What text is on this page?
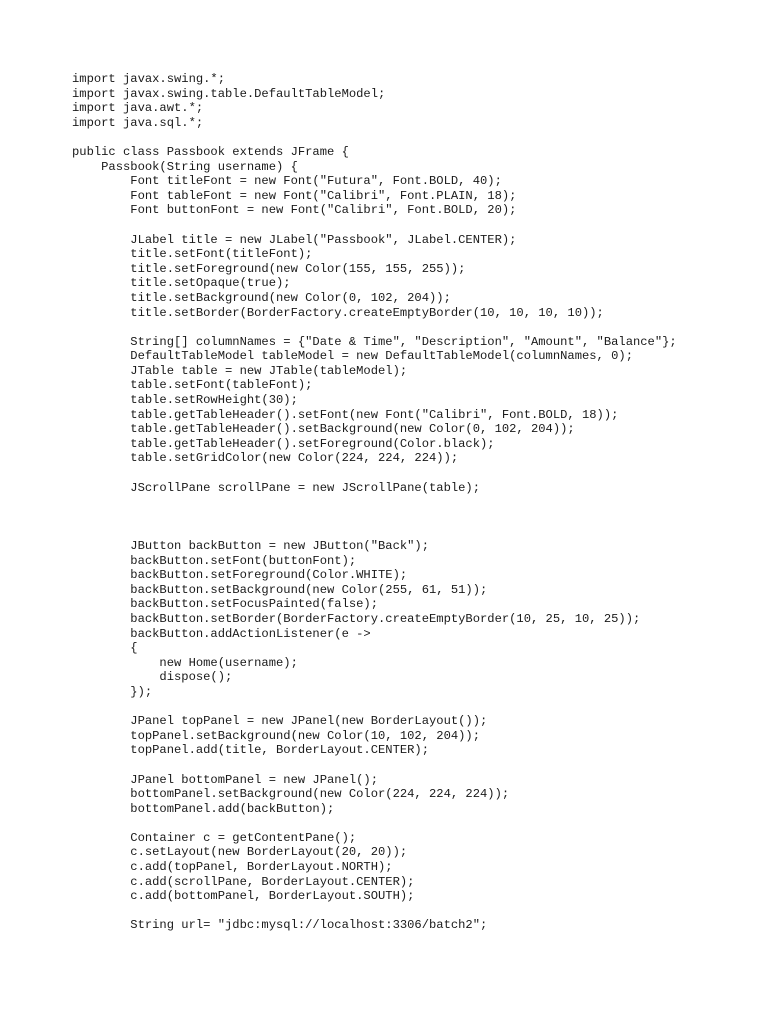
import javax.swing.*;
import javax.swing.table.DefaultTableModel;
import java.awt.*;
import java.sql.*;
public class Passbook extends JFrame {
Passbook(String username) {
Font titleFont = new Font("Futura", Font.BOLD, 40);
Font tableFont = new Font("Calibri", Font.PLAIN, 18);
Font buttonFont = new Font("Calibri", Font.BOLD, 20);
JLabel title = new JLabel("Passbook", JLabel.CENTER);
title.setFont(titleFont);
title.setForeground(new Color(155, 155, 255));
title.setOpaque(true);
title.setBackground(new Color(0, 102, 204));
title.setBorder(BorderFactory.createEmptyBorder(10, 10, 10, 10));
String[] columnNames = {"Date & Time", "Description", "Amount", "Balance"};
DefaultTableModel tableModel = new DefaultTableModel(columnNames, 0);
JTable table = new JTable(tableModel);
table.setFont(tableFont);
table.setRowHeight(30);
table.getTableHeader().setFont(new Font("Calibri", Font.BOLD, 18));
table.getTableHeader().setBackground(new Color(0, 102, 204));
table.getTableHeader().setForeground(Color.black);
table.setGridColor(new Color(224, 224, 224));
JScrollPane scrollPane = new JScrollPane(table);
JButton backButton = new JButton("Back");
backButton.setFont(buttonFont);
backButton.setForeground(Color.WHITE);
backButton.setBackground(new Color(255, 61, 51));
backButton.setFocusPainted(false);
backButton.setBorder(BorderFactory.createEmptyBorder(10, 25, 10, 25));
backButton.addActionListener(e ->
{
new Home(username);
dispose();
});
JPanel topPanel = new JPanel(new BorderLayout());
topPanel.setBackground(new Color(10, 102, 204));
topPanel.add(title, BorderLayout.CENTER);
JPanel bottomPanel = new JPanel();
bottomPanel.setBackground(new Color(224, 224, 224));
bottomPanel.add(backButton);
Container c = getContentPane();
c.setLayout(new BorderLayout(20, 20));
c.add(topPanel, BorderLayout.NORTH);
c.add(scrollPane, BorderLayout.CENTER);
c.add(bottomPanel, BorderLayout.SOUTH);
String url= "jdbc:mysql://localhost:3306/batch2";
